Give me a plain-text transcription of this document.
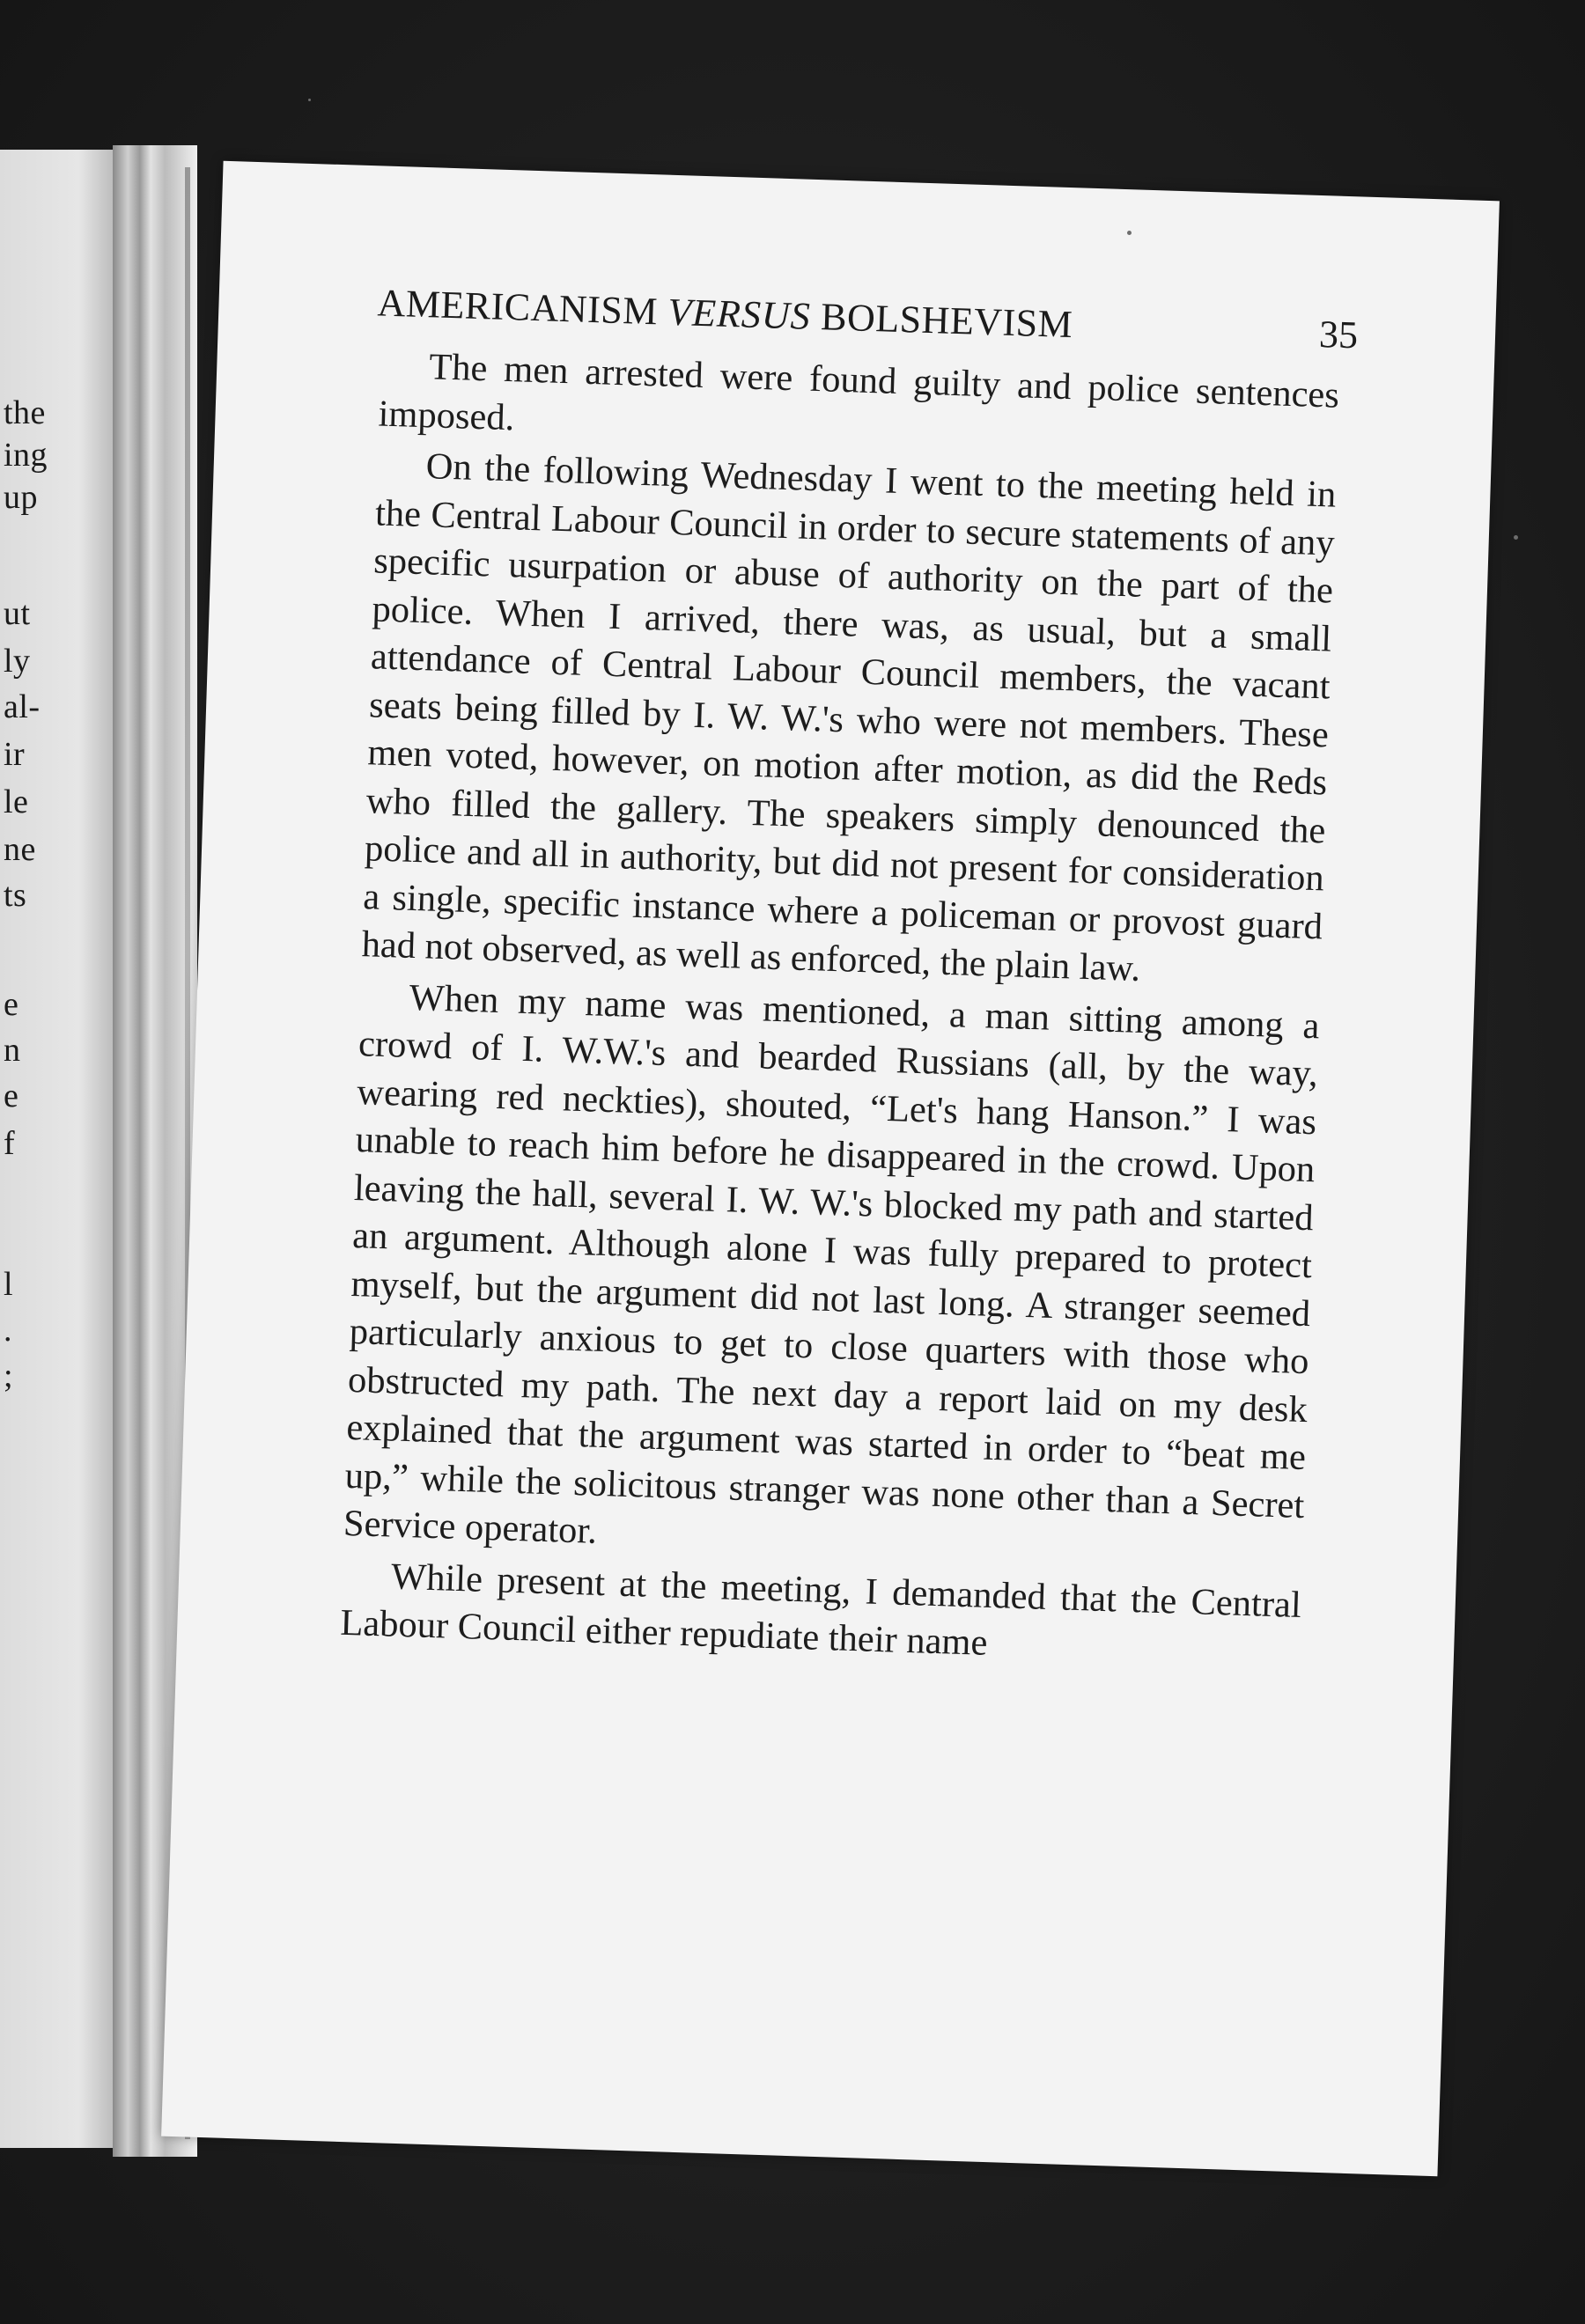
the
ing
up
ut
ly
al-
ir
le
ne
ts
e
n
e
f
l
.
;
AMERICANISM VERSUS BOLSHEVISM	35

The men arrested were found guilty and police sentences imposed.

On the following Wednesday I went to the meeting held in the Central Labour Council in order to secure statements of any specific usurpation or abuse of authority on the part of the police. When I arrived, there was, as usual, but a small attendance of Central Labour Council members, the vacant seats being filled by I. W. W.'s who were not members. These men voted, however, on motion after motion, as did the Reds who filled the gallery. The speakers simply denounced the police and all in authority, but did not present for consideration a single, specific instance where a policeman or provost guard had not observed, as well as enforced, the plain law.

When my name was mentioned, a man sitting among a crowd of I. W.W.'s and bearded Russians (all, by the way, wearing red neckties), shouted, “Let's hang Hanson.” I was unable to reach him before he disappeared in the crowd. Upon leaving the hall, several I. W. W.'s blocked my path and started an argument. Although alone I was fully prepared to protect myself, but the argument did not last long. A stranger seemed particularly anxious to get to close quarters with those who obstructed my path. The next day a report laid on my desk explained that the argument was started in order to “beat me up,” while the solicitous stranger was none other than a Secret Service operator.

While present at the meeting, I demanded that the Central Labour Council either repudiate their name
